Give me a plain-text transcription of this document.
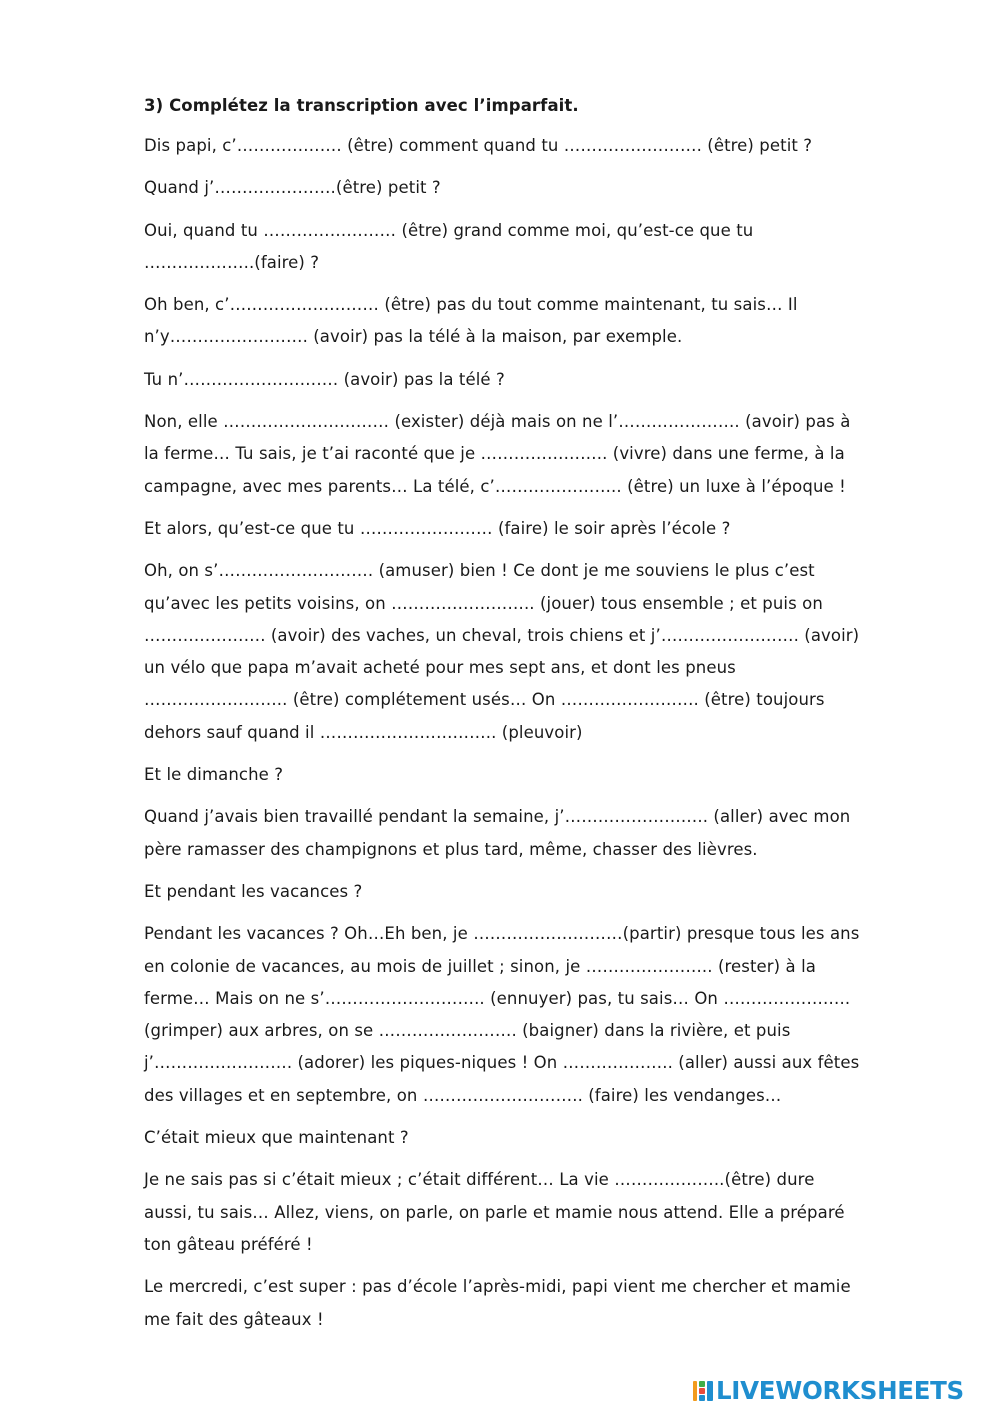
3) Complétez la transcription avec l’imparfait.

Dis papi, c’………………. (être) comment quand tu ……………………. (être) petit ?

Quand j’………………….(être) petit ?

Oui, quand tu …………………… (être) grand comme moi, qu’est-ce que tu ………………..(faire) ?

Oh ben, c’……………………… (être) pas du tout comme maintenant, tu sais… Il n’y……………………. (avoir) pas la télé à la maison, par exemple.

Tu n’………………………. (avoir) pas la télé ?

Non, elle ………………………… (exister) déjà mais on ne l’…………………. (avoir) pas à la ferme… Tu sais, je t’ai raconté que je ………………….. (vivre) dans une ferme, à la campagne, avec mes parents… La télé, c’………………….. (être) un luxe à l’époque !

Et alors, qu’est-ce que tu …………………… (faire) le soir après l’école ?

Oh, on s’………………………. (amuser) bien ! Ce dont je me souviens le plus c’est qu’avec les petits voisins, on …………………….. (jouer) tous ensemble ; et puis on …………………. (avoir) des vaches, un cheval, trois chiens et j’……………………. (avoir) un vélo que papa m’avait acheté pour mes sept ans, et dont les pneus …………………….. (être) complétement usés… On ……………………. (être) toujours dehors sauf quand il ………………………….. (pleuvoir)

Et le dimanche ?

Quand j’avais bien travaillé pendant la semaine, j’…………………….. (aller) avec mon père ramasser des champignons et plus tard, même, chasser des lièvres.

Et pendant les vacances ?

Pendant les vacances ? Oh…Eh ben, je ………………………(partir) presque tous les ans en colonie de vacances, au mois de juillet ; sinon, je ………………….. (rester) à la ferme… Mais on ne s’……………………….. (ennuyer) pas, tu sais… On ………………….. (grimper) aux arbres, on se ……………………. (baigner) dans la rivière, et puis j’……………………. (adorer) les piques-niques ! On ……………….. (aller) aussi aux fêtes des villages et en septembre, on ……………………….. (faire) les vendanges…

C’était mieux que maintenant ?

Je ne sais pas si c’était mieux ; c’était différent… La vie ………………..(être) dure aussi, tu sais… Allez, viens, on parle, on parle et mamie nous attend. Elle a préparé ton gâteau préféré !

Le mercredi, c’est super : pas d’école l’après-midi, papi vient me chercher et mamie me fait des gâteaux !

LIVEWORKSHEETS
